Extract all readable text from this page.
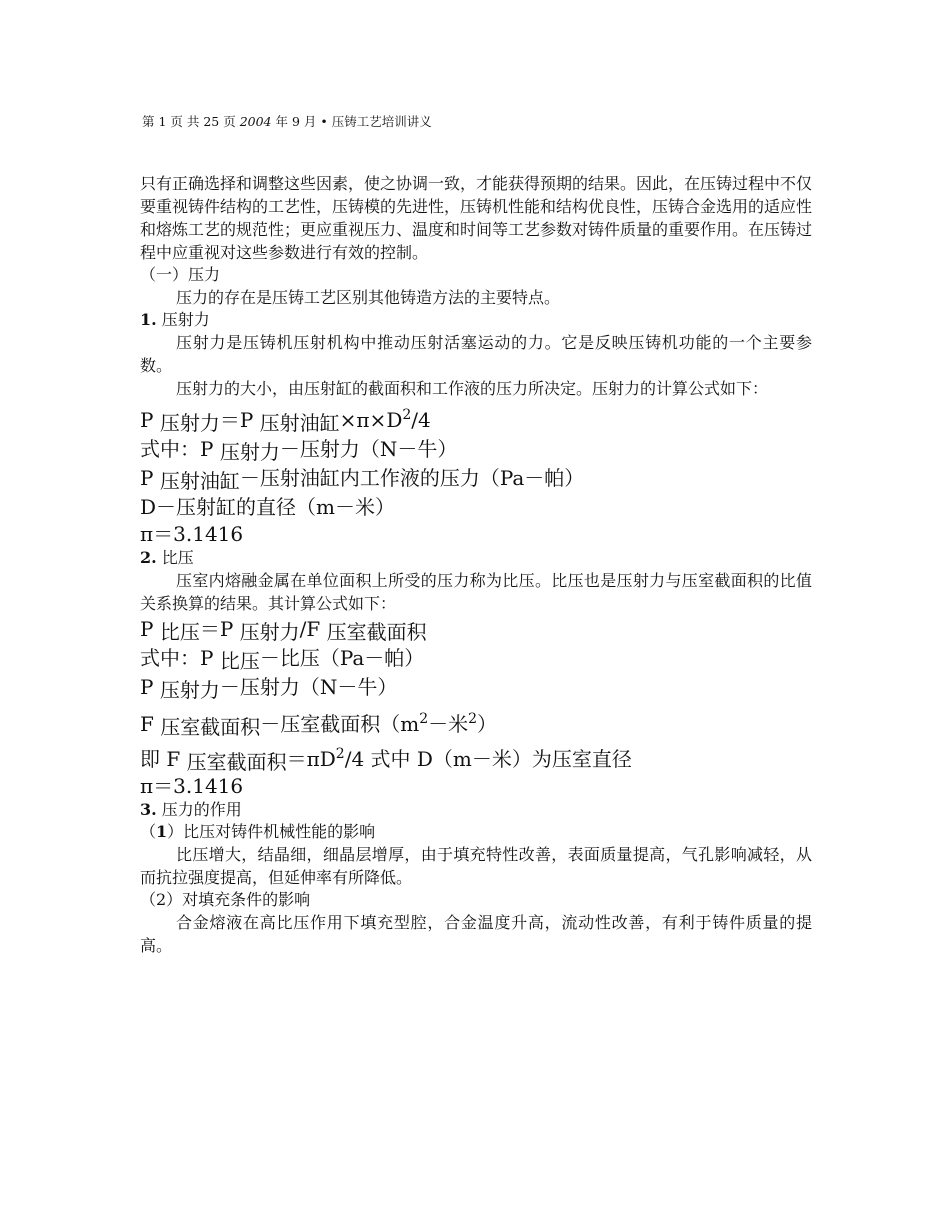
第 1 页 共 25 页 2004 年 9 月 • 压铸工艺培训讲义

只有正确选择和调整这些因素，使之协调一致，才能获得预期的结果。因此，在压铸过程中不仅要重视铸件结构的工艺性，压铸模的先进性，压铸机性能和结构优良性，压铸合金选用的适应性和熔炼工艺的规范性；更应重视压力、温度和时间等工艺参数对铸件质量的重要作用。在压铸过程中应重视对这些参数进行有效的控制。

（一）压力

压力的存在是压铸工艺区别其他铸造方法的主要特点。

1. 压射力

压射力是压铸机压射机构中推动压射活塞运动的力。它是反映压铸机功能的一个主要参数。

压射力的大小，由压射缸的截面积和工作液的压力所决定。压射力的计算公式如下：

P 压射力＝P 压射油缸$\times\pi\times D^2/4$

式中：P 压射力－压射力（N－牛）

P 压射油缸－压射油缸内工作液的压力（Pa－帕）

D－压射缸的直径（m－米）

π＝3.1416

2. 比压

压室内熔融金属在单位面积上所受的压力称为比压。比压也是压射力与压室截面积的比值关系换算的结果。其计算公式如下：

P 比压＝P 压射力/F 压室截面积

式中：P 比压－比压（Pa－帕）

P 压射力－压射力（N－牛）

F 压室截面积－压室截面积（$m^2-$米$^2$）

即 F 压室截面积$=\pi D^2/4$ 式中 D（m－米）为压室直径

π＝3.1416

3. 压力的作用

（1）比压对铸件机械性能的影响

比压增大，结晶细，细晶层增厚，由于填充特性改善，表面质量提高，气孔影响减轻，从而抗拉强度提高，但延伸率有所降低。

（2）对填充条件的影响

合金熔液在高比压作用下填充型腔，合金温度升高，流动性改善，有利于铸件质量的提高。
